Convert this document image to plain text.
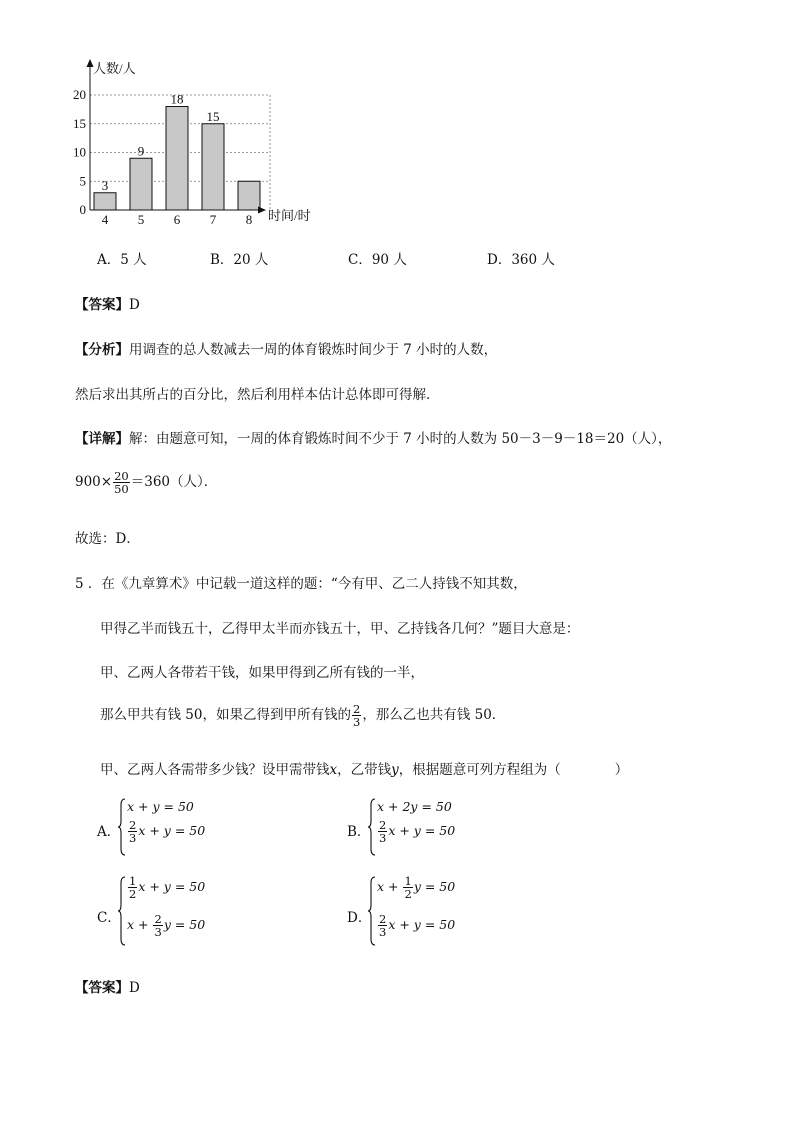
0
5
10
15
20
4 5 6 7 8
3
9
18
15
人数/人
时间/时
A．5 人	B．20 人	C．90 人	D．360 人
【答案】D
【分析】用调查的总人数减去一周的体育锻炼时间少于 7 小时的人数，
然后求出其所占的百分比，然后利用样本估计总体即可得解．
【详解】解：由题意可知，一周的体育锻炼时间不少于 7 小时的人数为 50－3－9－18＝20（人），
$900\times \frac{20}{50} =360$（人）．
故选：D．
5 ．在《九章算术》中记载一道这样的题：“今有甲、乙二人持钱不知其数，
甲得乙半而钱五十，乙得甲太半而亦钱五十，甲、乙持钱各几何？”题目大意是：
甲、乙两人各带若干钱，如果甲得到乙所有钱的一半，
那么甲共有钱 50，如果乙得到甲所有钱的 $\frac{2}{3}$ ，那么乙也共有钱 50．
甲、乙两人各需带多少钱？设甲需带钱x，乙带钱y，根据题意可列方程组为（　　　　）
A．
x + y = 50
$\frac{2}{3}$ x + y = 50	B．
x + 2y = 50
$\frac{2}{3}$ x + y = 50
C．
$\frac{1}{2}$ x + y = 50
$x + \frac{2}{3}$ y = 50	D．
$x + \frac{1}{2}$ y = 50
$\frac{2}{3}$ x + y = 50
【答案】D
